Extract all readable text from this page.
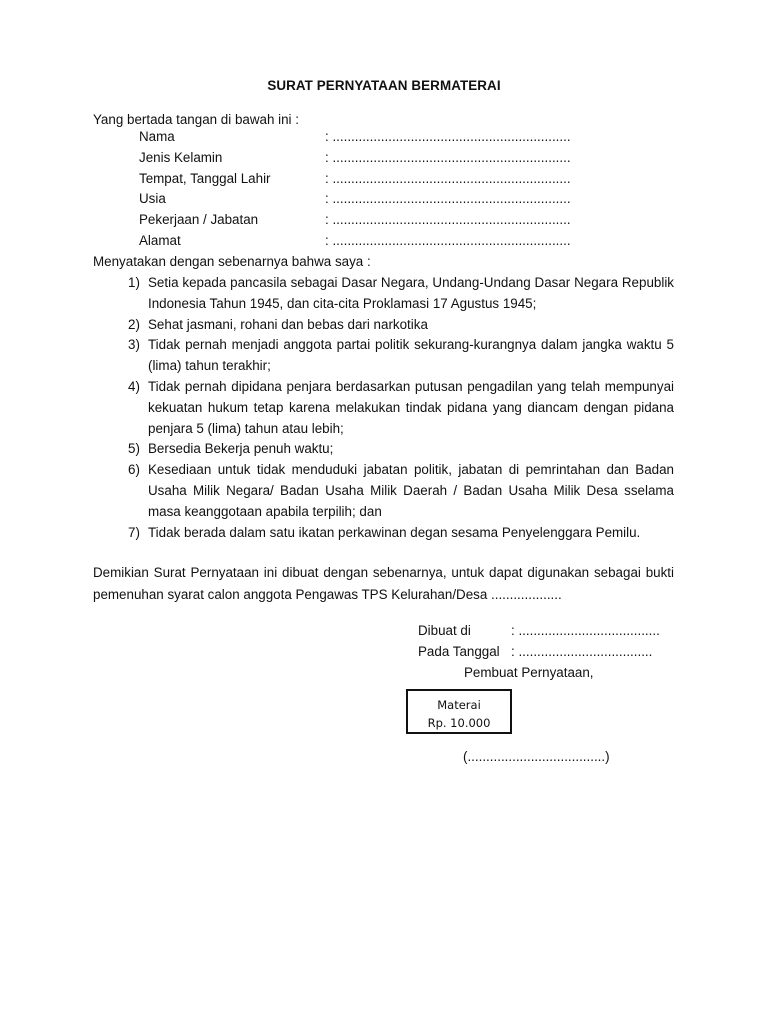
SURAT PERNYATAAN BERMATERAI
Yang bertada tangan di bawah ini :
Nama	: ................................................................
Jenis Kelamin	: ................................................................
Tempat, Tanggal Lahir	: ................................................................
Usia	: ................................................................
Pekerjaan / Jabatan	: ................................................................
Alamat	: ................................................................
Menyatakan dengan sebenarnya bahwa saya :
1) Setia kepada pancasila sebagai Dasar Negara, Undang-Undang Dasar Negara Republik Indonesia Tahun 1945, dan cita-cita Proklamasi 17 Agustus 1945;
2) Sehat jasmani, rohani dan bebas dari narkotika
3) Tidak pernah menjadi anggota partai politik sekurang-kurangnya dalam jangka waktu 5 (lima) tahun terakhir;
4) Tidak pernah dipidana penjara berdasarkan putusan pengadilan yang telah mempunyai kekuatan hukum tetap karena melakukan tindak pidana yang diancam dengan pidana penjara 5 (lima) tahun atau lebih;
5) Bersedia Bekerja penuh waktu;
6) Kesediaan untuk tidak menduduki jabatan politik, jabatan di pemrintahan dan Badan Usaha Milik Negara/ Badan Usaha Milik Daerah / Badan Usaha Milik Desa sselama masa keanggotaan apabila terpilih; dan
7) Tidak berada dalam satu ikatan perkawinan degan sesama Penyelenggara Pemilu.
Demikian Surat Pernyataan ini dibuat dengan sebenarnya, untuk dapat digunakan sebagai bukti pemenuhan syarat calon anggota Pengawas TPS Kelurahan/Desa ...................
Dibuat di	: ......................................
Pada Tanggal : ....................................
Pembuat Pernyataan,
Materai
Rp. 10.000
(.....................................)
